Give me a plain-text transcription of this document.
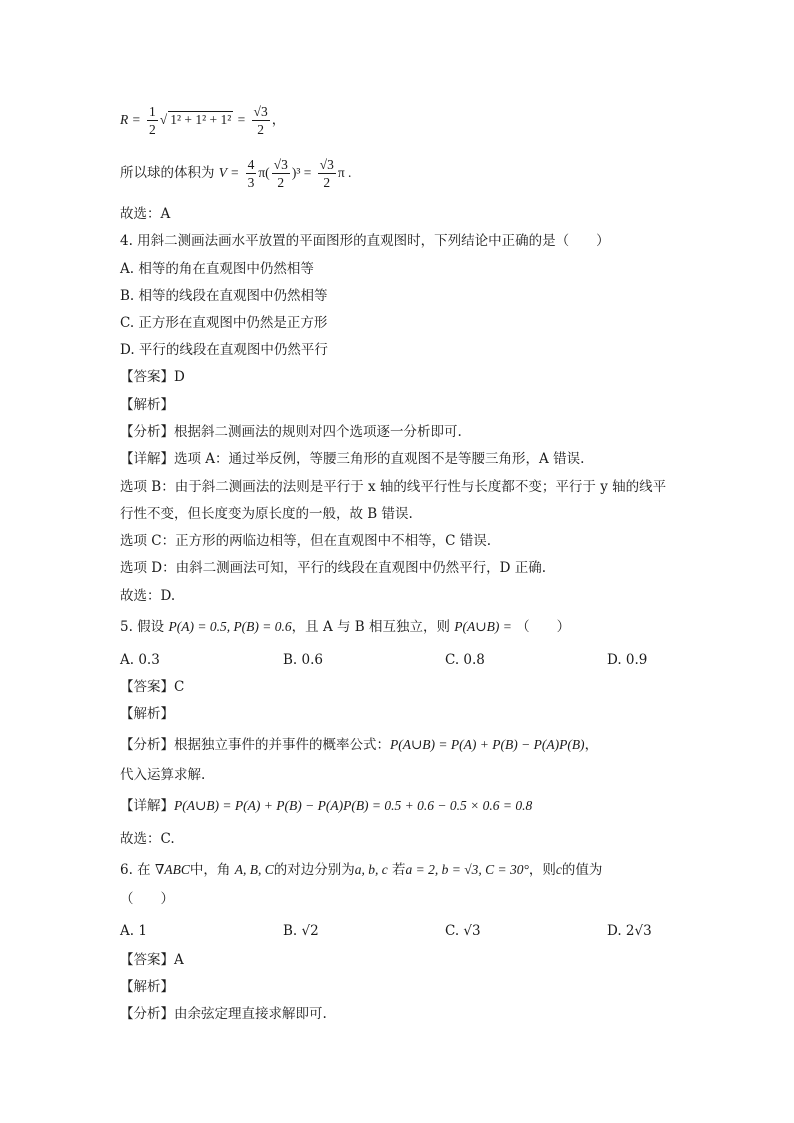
$R = \frac{1}{2}$ √ $1^2 + 1^2 + 1^2 = \frac{√3}{2}$ ，
所以球的体积为 $V = \frac{4}{3} \pi( \frac{√3}{2} )^3 = \frac{√3}{2}$ π .
故选：A
4. 用斜二测画法画水平放置的平面图形的直观图时，下列结论中正确的是（　　）
A. 相等的角在直观图中仍然相等
B. 相等的线段在直观图中仍然相等
C. 正方形在直观图中仍然是正方形
D. 平行的线段在直观图中仍然平行
【答案】D
【解析】
【分析】根据斜二测画法的规则对四个选项逐一分析即可.
【详解】选项 A：通过举反例，等腰三角形的直观图不是等腰三角形，A 错误.
选项 B：由于斜二测画法的法则是平行于 x 轴的线平行性与长度都不变；平行于 y 轴的线平
行性不变，但长度变为原长度的一般，故 B 错误.
选项 C：正方形的两临边相等，但在直观图中不相等，C 错误.
选项 D：由斜二测画法可知，平行的线段在直观图中仍然平行，D 正确.
故选：D.
5. 假设 P(A) = 0.5, P(B) = 0.6，且 A 与 B 相互独立，则 P(A∪B) = （　　）
A. 0.3	B. 0.6	C. 0.8	D. 0.9
【答案】C
【解析】
【分析】根据独立事件的并事件的概率公式：P(A∪B) = P(A) + P(B) − P(A)P(B)，
代入运算求解.
【详解】P(A∪B) = P(A) + P(B) − P(A)P(B) = 0.5 + 0.6 − 0.5 × 0.6 = 0.8
故选：C.
6. 在 ∇ABC中，角 A, B, C的对边分别为a, b, c 若a = 2, b = √3, C = 30°，则c的值为
（　　）
A. 1	B. √2	C. √3	D. 2√3
【答案】A
【解析】
【分析】由余弦定理直接求解即可.
